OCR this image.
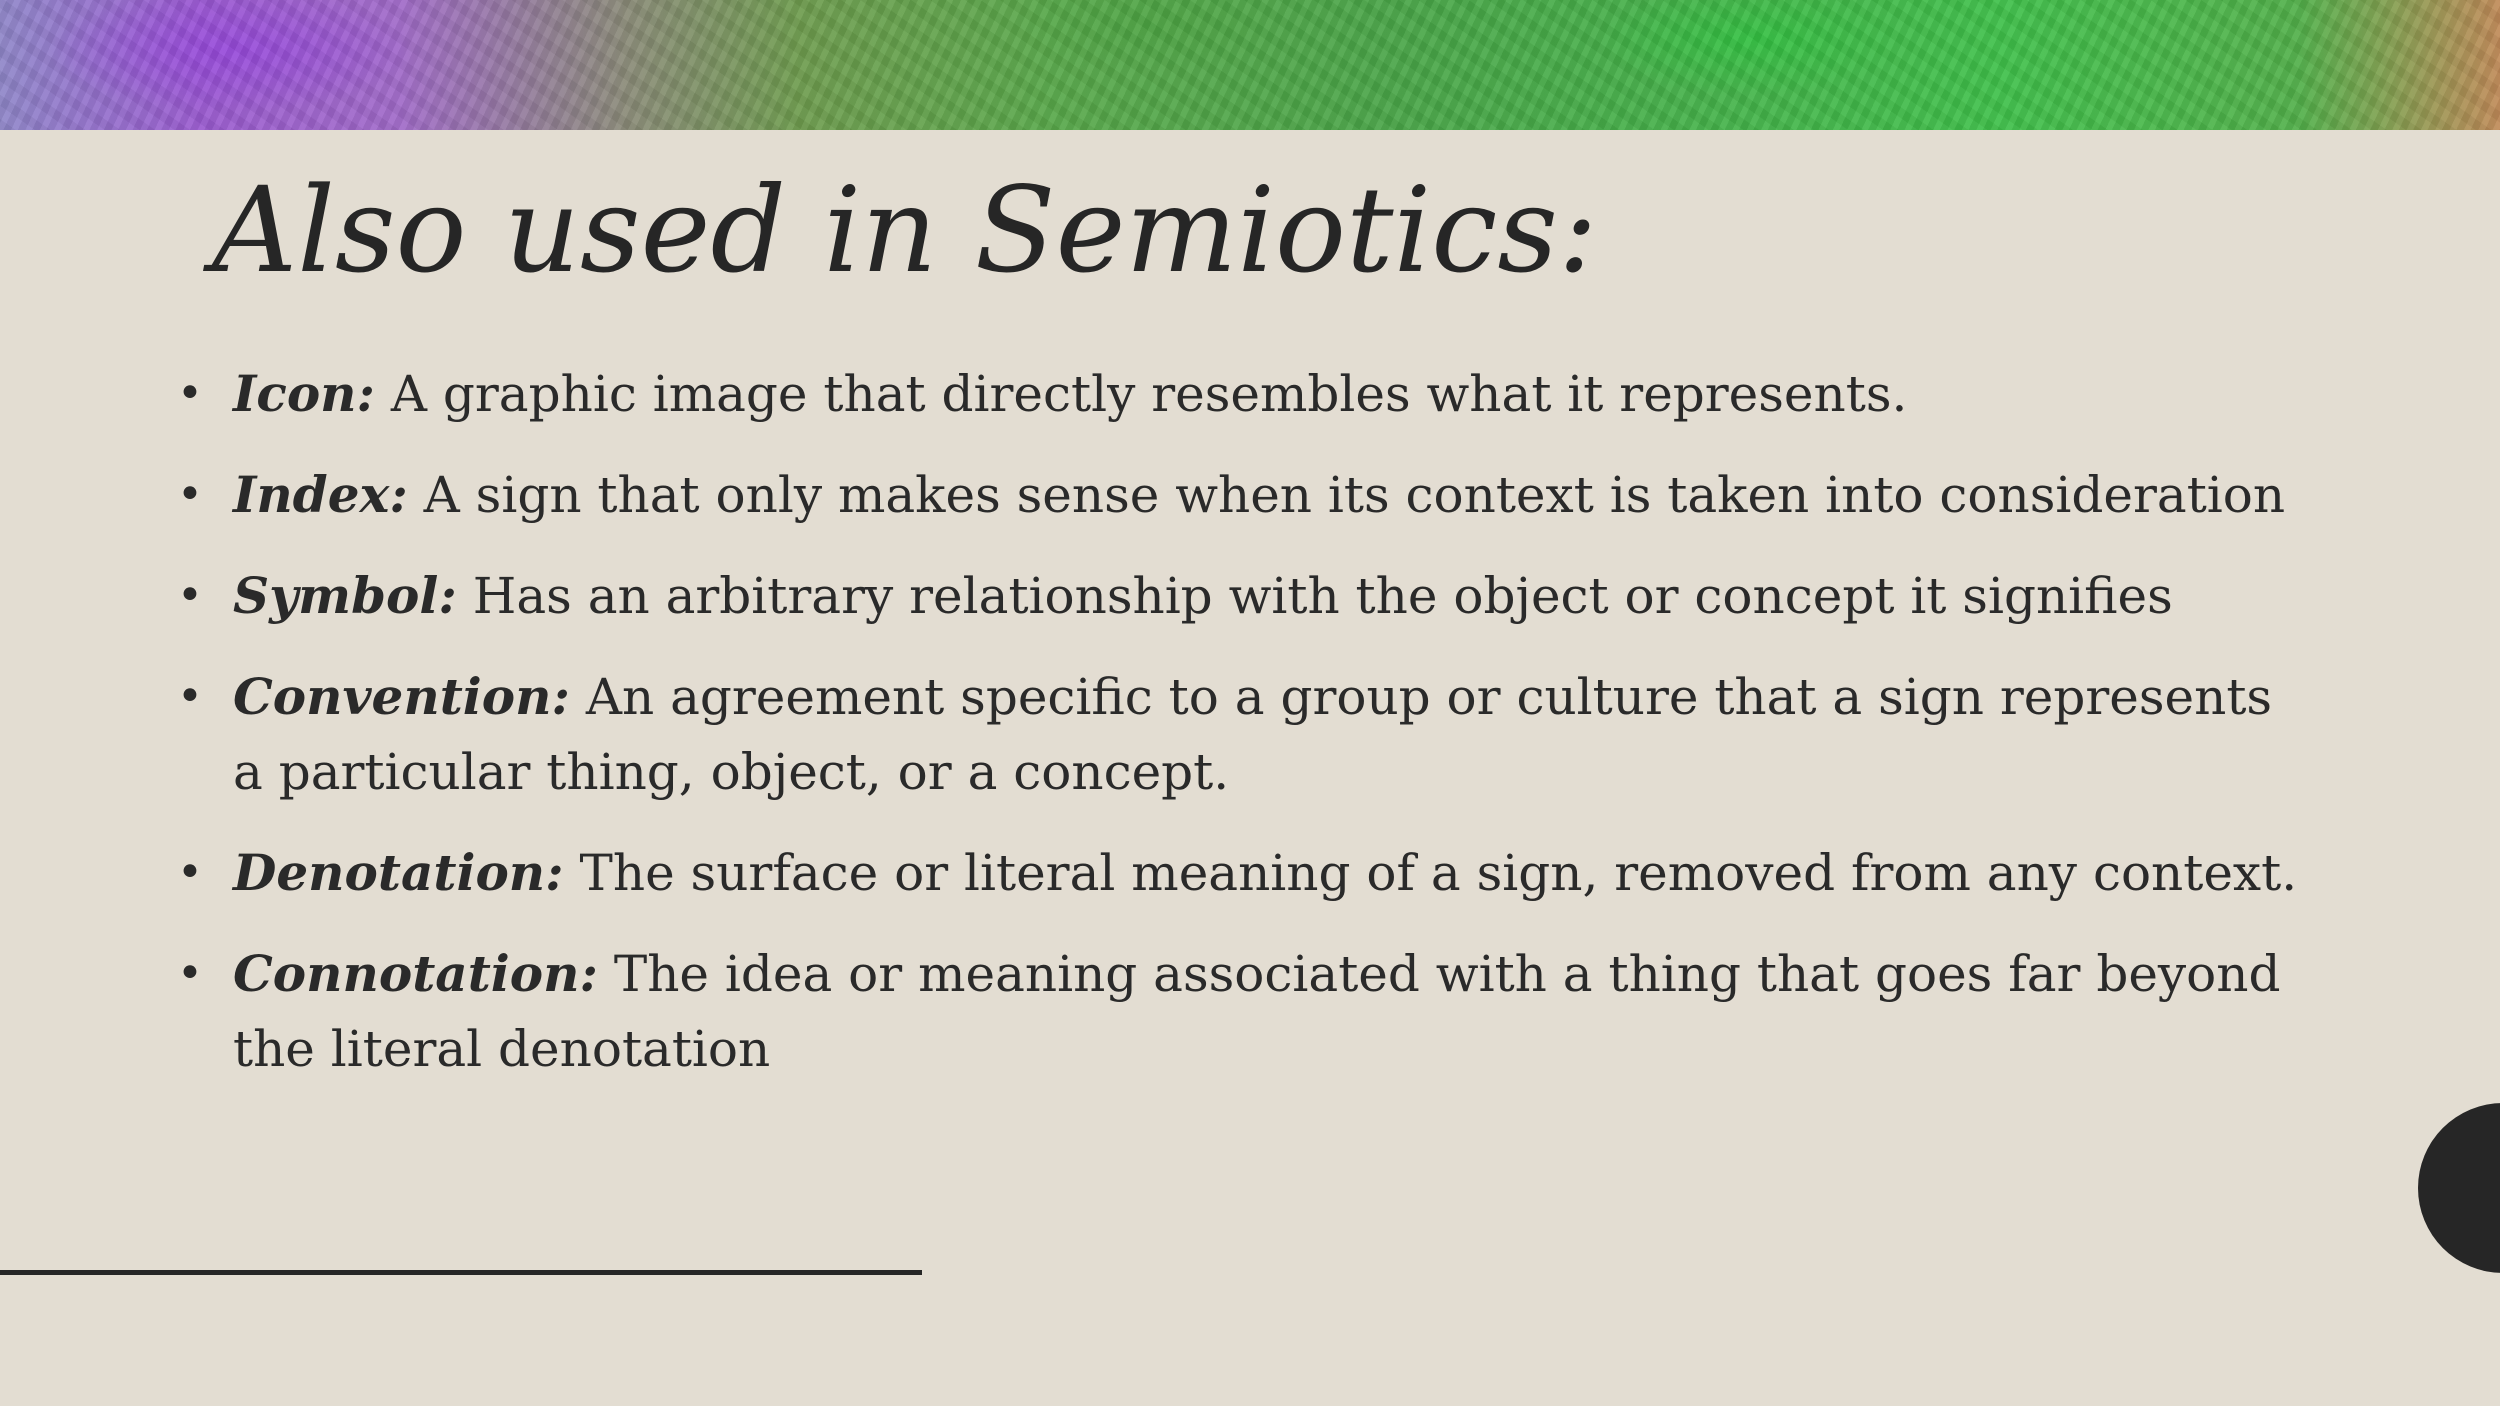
Also used in Semiotics:
• Icon: A graphic image that directly resembles what it represents.
• Index: A sign that only makes sense when its context is taken into consideration
• Symbol: Has an arbitrary relationship with the object or concept it signifies
• Convention: An agreement specific to a group or culture that a sign represents a particular thing, object, or a concept.
• Denotation: The surface or literal meaning of a sign, removed from any context.
• Connotation: The idea or meaning associated with a thing that goes far beyond the literal denotation
